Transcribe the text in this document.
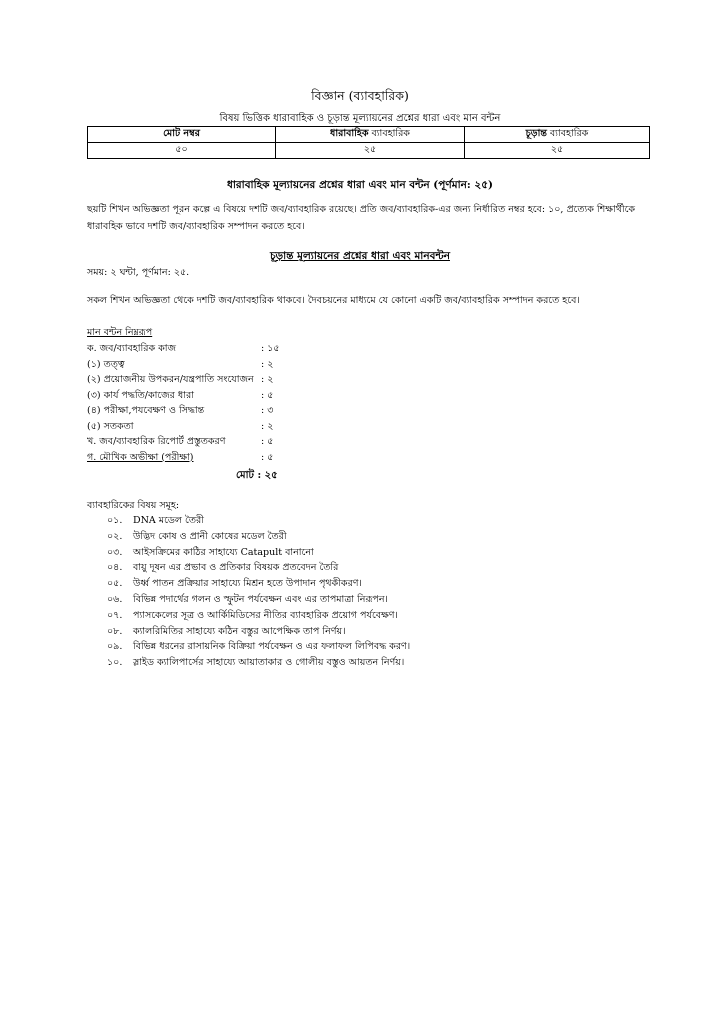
বিজ্ঞান (ব্যাবহারিক)
বিষয় ভিত্তিক ধারাবাহিক ও চূড়ান্ত মূল্যায়নের প্রশ্নের ধারা এবং মান বন্টন
মোট নম্বর	ধারাবাহিক ব্যাবহারিক	চূড়ান্ত ব্যাবহারিক
৫০	২৫	২৫
ধারাবাহিক মূল্যায়নের প্রশ্নের ধারা এবং মান বন্টন (পূর্ণমান: ২৫)
ছয়টি শিখন অভিজ্ঞতা পূরন কল্পে এ বিষয়ে দশটি জব/ব্যাবহারিক রয়েছে। প্রতি জব/ব্যাবহারিক-এর জন্য নির্ধারিত নম্বর হবে: ১০, প্রত্যেক শিক্ষার্থীকে ধারাবহিক ভাবে দশটি জব/ব্যাবহারিক সম্পাদন করতে হবে।
চূড়ান্ত মূল্যায়নের প্রশ্নের ধারা এবং মানবন্টন
সময়: ২ ঘন্টা, পূর্ণমান: ২৫.
সকল শিখন অভিজ্ঞতা থেকে দশটি জব/ব্যাবহারিক থাকবে। দৈবচয়নের মাধ্যমে যে কোনো একটি জব/ব্যাবহারিক সম্পাদন করতে হবে।
মান বন্টন নিম্নরূপ
ক. জব/ব্যাবহারিক কাজ	: ১৫
(১) তত্ত্ব	: ২
(২) প্রয়োজনীয় উপকরন/যন্ত্রপাতি সংযোজন : ২
(৩) কার্য পদ্ধতি/কাজের ধারা	: ৫
(৪) পরীক্ষা,পযবেক্ষণ ও সিদ্ধান্ত	: ৩
(৫) সতকতা	: ২
খ. জব/ব্যাবহারিক রিপোর্ট প্রস্তুতকরণ	: ৫
গ. মৌখিক অভীক্ষা (পরীক্ষা)	: ৫
মোট : ২৫
ব্যাবহারিকের বিষয় সমূহ:
০১. DNA মডেল তৈরী
০২. উদ্ভিদ কোষ ও প্রানী কোষের মডেল তৈরী
০৩. আইসক্রিমের কাঠির সাহায্যে Catapult বানানো
০৪. বায়ু দূষন এর প্রভাব ও প্রতিকার বিষয়ক প্রতবেদন তৈরি
০৫. উর্ধ্ব পাতন প্রক্রিয়ার সাহায্যে মিশ্রন হতে উপাদান পৃথকীকরণ।
০৬. বিভিন্ন পদার্থের গলন ও স্ফুটন পর্যবেক্ষন এবং এর তাপমাত্রা নিরূপন।
০৭. প্যাসকেলের সূত্র ও আর্কিমিডিসের নীতির ব্যাবহারিক প্রয়োগ পর্যবেক্ষণ।
০৮. ক্যালরিমিতির সাহায্যে কঠিন বস্তুর আপেক্ষিক তাপ নির্ণয়।
০৯. বিভিন্ন ধরনের রাসায়নিক বিক্রিয়া পর্যবেক্ষন ও এর ফলাফল লিপিবদ্ধ করণ।
১০. স্লাইড ক্যালিপার্সের সাহায্যে আয়াতাকার ও গোলীয় বস্তুও আয়তন নির্ণয়।
